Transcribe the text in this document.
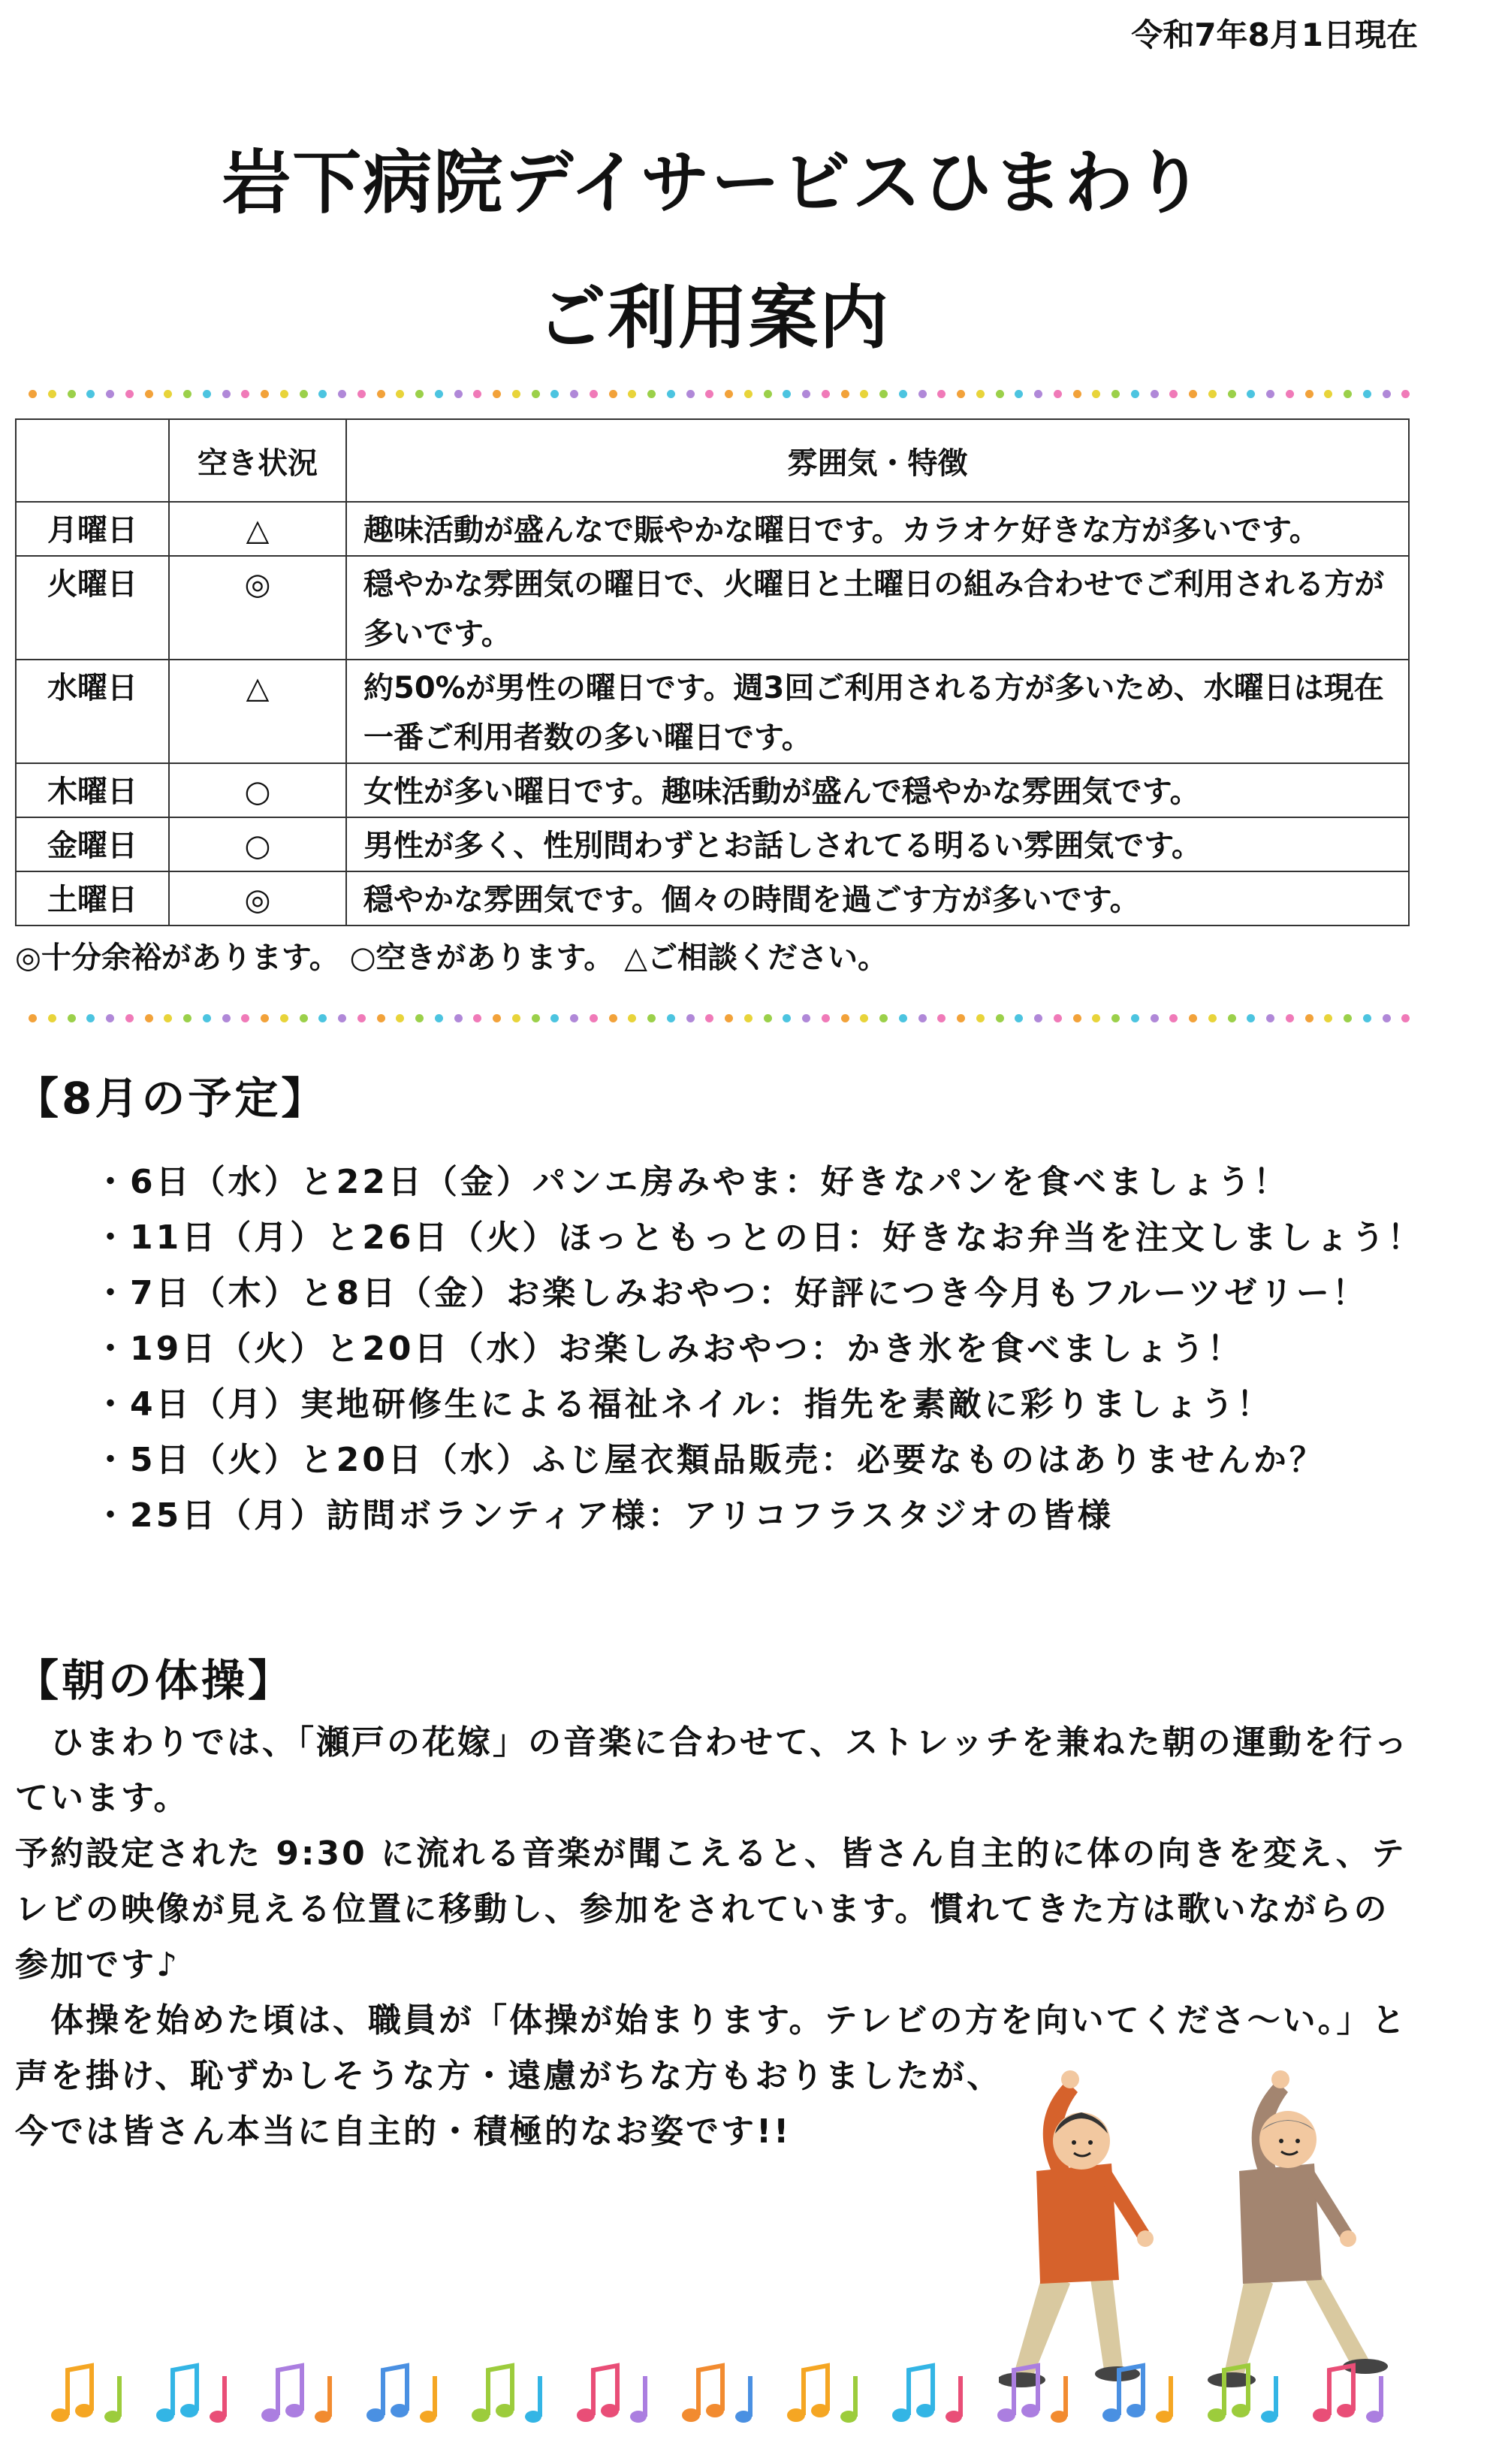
令和7年8月1日現在
岩下病院デイサービスひまわり
ご利用案内
	空き状況	雰囲気・特徴
月曜日	△	趣味活動が盛んなで賑やかな曜日です。カラオケ好きな方が多いです。
火曜日	◎	穏やかな雰囲気の曜日で、火曜日と土曜日の組み合わせでご利用される方が多いです。
水曜日	△	約50%が男性の曜日です。週3回ご利用される方が多いため、水曜日は現在一番ご利用者数の多い曜日です。
木曜日	○	女性が多い曜日です。趣味活動が盛んで穏やかな雰囲気です。
金曜日	○	男性が多く、性別問わずとお話しされてる明るい雰囲気です。
土曜日	◎	穏やかな雰囲気です。個々の時間を過ごす方が多いです。
◎十分余裕があります。 ○空きがあります。 △ご相談ください。
【8月の予定】
・6日（水）と22日（金）パンエ房みやま：好きなパンを食べましょう！
・11日（月）と26日（火）ほっともっとの日：好きなお弁当を注文しましょう！
・7日（木）と8日（金）お楽しみおやつ：好評につき今月もフルーツゼリー！
・19日（火）と20日（水）お楽しみおやつ：かき氷を食べましょう！
・4日（月）実地研修生による福祉ネイル：指先を素敵に彩りましょう！
・5日（火）と20日（水）ふじ屋衣類品販売：必要なものはありませんか？
・25日（月）訪問ボランティア様：アリコフラスタジオの皆様
【朝の体操】

　ひまわりでは、「瀬戸の花嫁」の音楽に合わせて、ストレッチを兼ねた朝の運動を行っています。

予約設定された 9:30 に流れる音楽が聞こえると、皆さん自主的に体の向きを変え、テレビの映像が見える位置に移動し、参加をされています。慣れてきた方は歌いながらの参加です♪

　体操を始めた頃は、職員が「体操が始まります。テレビの方を向いてくださ～い。」と声を掛け、恥ずかしそうな方・遠慮がちな方もおりましたが、

今では皆さん本当に自主的・積極的なお姿です!!
